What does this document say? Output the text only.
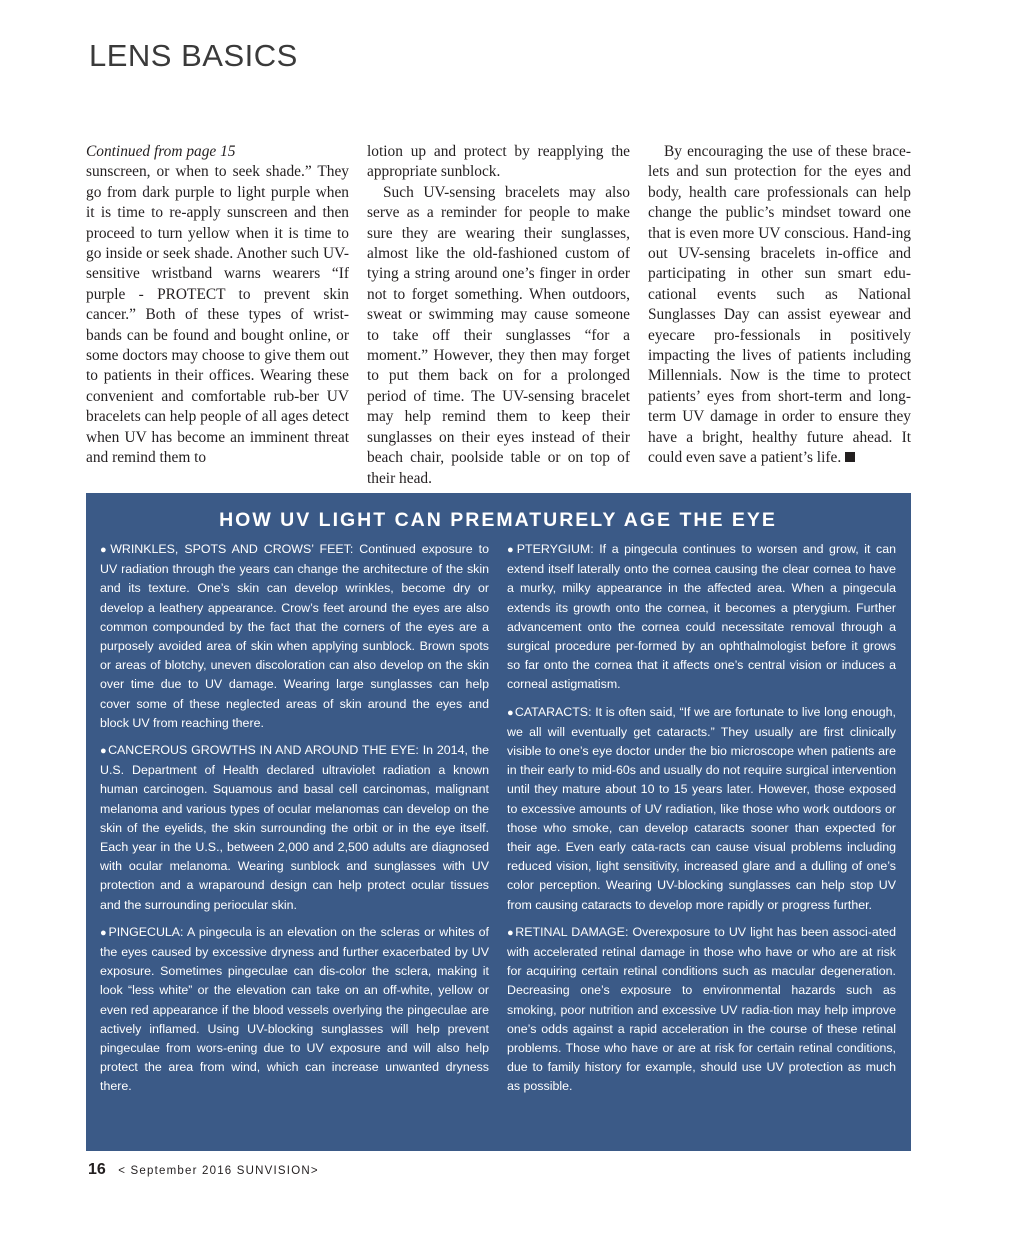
LENS BASICS
Continued from page 15

sunscreen, or when to seek shade.” They go from dark purple to light purple when it is time to re-apply sunscreen and then proceed to turn yellow when it is time to go inside or seek shade. Another such UV-sensitive wristband warns wearers “If purple - PROTECT to prevent skin cancer.” Both of these types of wrist-bands can be found and bought online, or some doctors may choose to give them out to patients in their offices. Wearing these convenient and comfortable rub-ber UV bracelets can help people of all ages detect when UV has become an imminent threat and remind them to

lotion up and protect by reapplying the appropriate sunblock.

Such UV-sensing bracelets may also serve as a reminder for people to make sure they are wearing their sunglasses, almost like the old-fashioned custom of tying a string around one’s finger in order not to forget something. When outdoors, sweat or swimming may cause someone to take off their sunglasses “for a moment.” However, they then may forget to put them back on for a prolonged period of time. The UV-sensing bracelet may help remind them to keep their sunglasses on their eyes instead of their beach chair, poolside table or on top of their head.

By encouraging the use of these brace-lets and sun protection for the eyes and body, health care professionals can help change the public’s mindset toward one that is even more UV conscious. Hand-ing out UV-sensing bracelets in-office and participating in other sun smart edu-cational events such as National Sunglasses Day can assist eyewear and eyecare pro-fessionals in positively impacting the lives of patients including Millennials. Now is the time to protect patients’ eyes from short-term and long-term UV damage in order to ensure they have a bright, healthy future ahead. It could even save a patient’s life.

HOW UV LIGHT CAN PREMATURELY AGE THE EYE

●WRINKLES, SPOTS AND CROWS’ FEET: Continued exposure to UV radiation through the years can change the architecture of the skin and its texture. One’s skin can develop wrinkles, become dry or develop a leathery appearance. Crow’s feet around the eyes are also common compounded by the fact that the corners of the eyes are a purposely avoided area of skin when applying sunblock. Brown spots or areas of blotchy, uneven discoloration can also develop on the skin over time due to UV damage. Wearing large sunglasses can help cover some of these neglected areas of skin around the eyes and block UV from reaching there.

●CANCEROUS GROWTHS IN AND AROUND THE EYE: In 2014, the U.S. Department of Health declared ultraviolet radiation a known human carcinogen. Squamous and basal cell carcinomas, malignant melanoma and various types of ocular melanomas can develop on the skin of the eyelids, the skin surrounding the orbit or in the eye itself. Each year in the U.S., between 2,000 and 2,500 adults are diagnosed with ocular melanoma. Wearing sunblock and sunglasses with UV protection and a wraparound design can help protect ocular tissues and the surrounding periocular skin.

●PINGECULA: A pingecula is an elevation on the scleras or whites of the eyes caused by excessive dryness and further exacerbated by UV exposure. Sometimes pingeculae can dis-color the sclera, making it look “less white” or the elevation can take on an off-white, yellow or even red appearance if the blood vessels overlying the pingeculae are actively inflamed. Using UV-blocking sunglasses will help prevent pingeculae from wors-ening due to UV exposure and will also help protect the area from wind, which can increase unwanted dryness there.

●PTERYGIUM: If a pingecula continues to worsen and grow, it can extend itself laterally onto the cornea causing the clear cornea to have a murky, milky appearance in the affected area. When a pingecula extends its growth onto the cornea, it becomes a pterygium. Further advancement onto the cornea could necessitate removal through a surgical procedure per-formed by an ophthalmologist before it grows so far onto the cornea that it affects one’s central vision or induces a corneal astigmatism.

●CATARACTS: It is often said, “If we are fortunate to live long enough, we all will eventually get cataracts.” They usually are first clinically visible to one’s eye doctor under the bio microscope when patients are in their early to mid-60s and usually do not require surgical intervention until they mature about 10 to 15 years later. However, those exposed to excessive amounts of UV radiation, like those who work outdoors or those who smoke, can develop cataracts sooner than expected for their age. Even early cata-racts can cause visual problems including reduced vision, light sensitivity, increased glare and a dulling of one’s color perception. Wearing UV-blocking sunglasses can help stop UV from causing cataracts to develop more rapidly or progress further.

●RETINAL DAMAGE: Overexposure to UV light has been associ-ated with accelerated retinal damage in those who have or who are at risk for acquiring certain retinal conditions such as macular degeneration. Decreasing one’s exposure to environmental hazards such as smoking, poor nutrition and excessive UV radia-tion may help improve one’s odds against a rapid acceleration in the course of these retinal problems. Those who have or are at risk for certain retinal conditions, due to family history for example, should use UV protection as much as possible.

16 < September 2016 SUNVISION>
